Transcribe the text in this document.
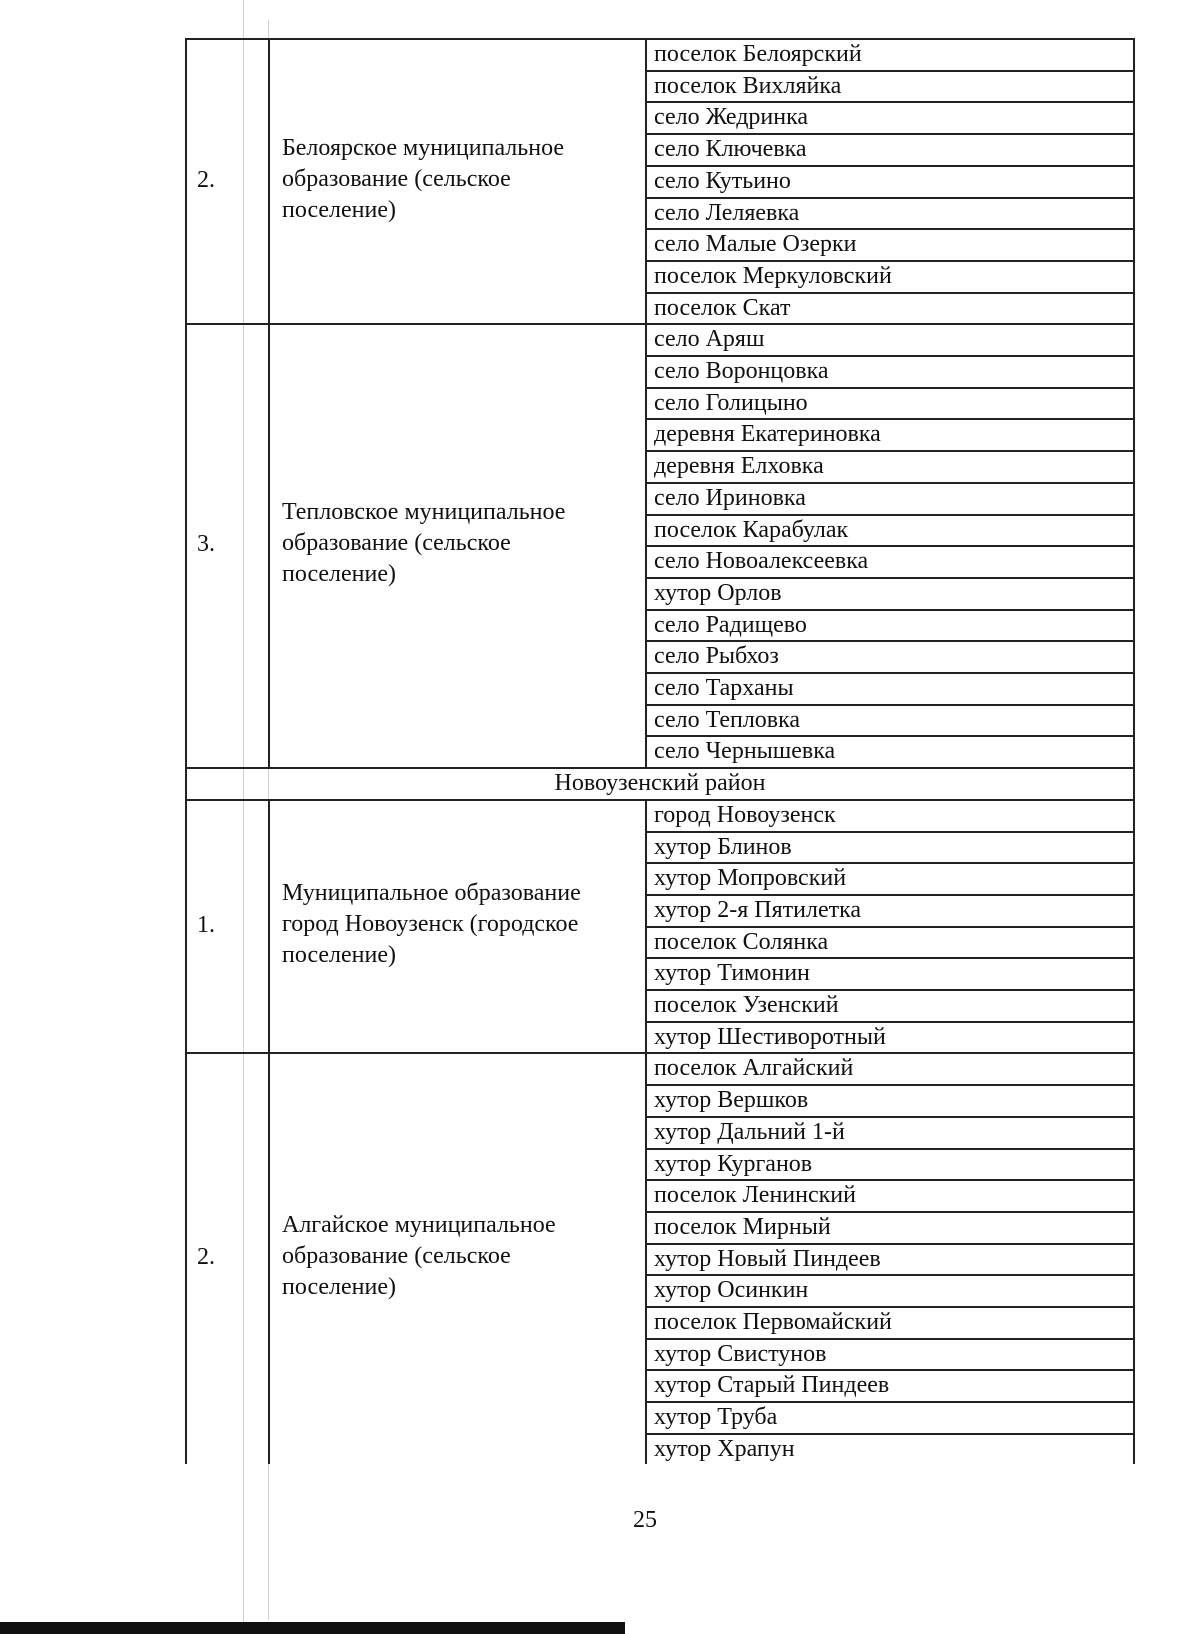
2.
Белоярское муниципальное образование (сельское поселение)
поселок Белоярский
поселок Вихляйка
село Жедринка
село Ключевка
село Кутьино
село Леляевка
село Малые Озерки
поселок Меркуловский
поселок Скат
3.
Тепловское муниципальное образование (сельское поселение)
село Аряш
село Воронцовка
село Голицыно
деревня Екатериновка
деревня Елховка
село Ириновка
поселок Карабулак
село Новоалексеевка
хутор Орлов
село Радищево
село Рыбхоз
село Тарханы
село Тепловка
село Чернышевка
Новоузенский район
1.
Муниципальное образование город Новоузенск (городское поселение)
город Новоузенск
хутор Блинов
хутор Мопровский
хутор 2-я Пятилетка
поселок Солянка
хутор Тимонин
поселок Узенский
хутор Шестиворотный
2.
Алгайское муниципальное образование (сельское поселение)
поселок Алгайский
хутор Вершков
хутор Дальний 1-й
хутор Курганов
поселок Ленинский
поселок Мирный
хутор Новый Пиндеев
хутор Осинкин
поселок Первомайский
хутор Свистунов
хутор Старый Пиндеев
хутор Труба
хутор Храпун
25
